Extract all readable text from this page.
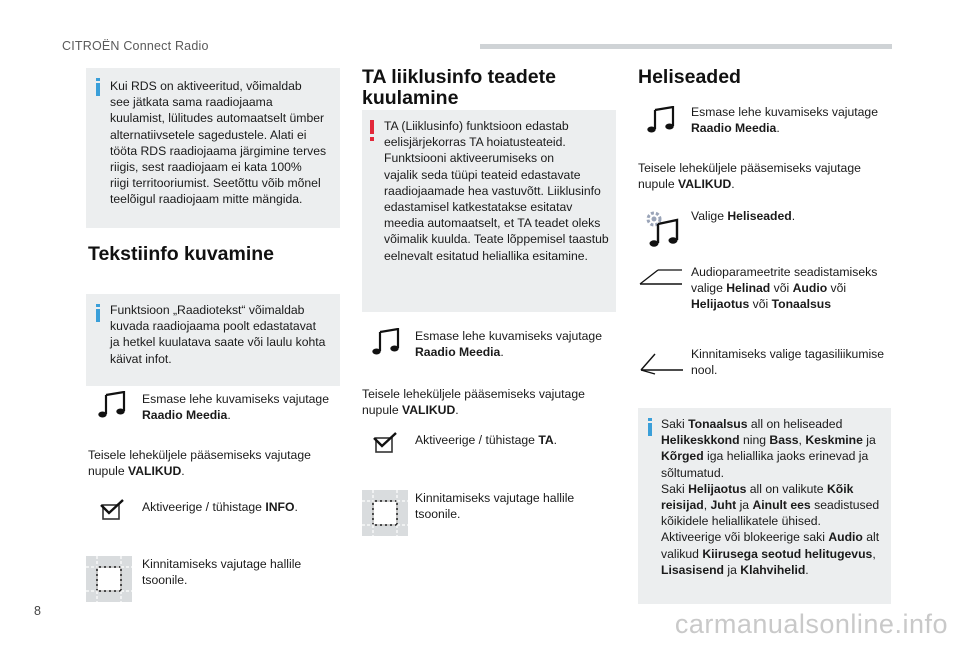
CITROËN Connect Radio
Kui RDS on aktiveeritud, võimaldab
see jätkata sama raadiojaama
kuulamist, lülitudes automaatselt ümber
alternatiivsetele sagedustele. Alati ei
tööta RDS raadiojaama järgimine terves
riigis, sest raadiojaam ei kata 100%
riigi territooriumist. Seetõttu võib mõnel
teelõigul raadiojaam mitte mängida.
Tekstiinfo kuvamine
Funktsioon „Raadiotekst“ võimaldab
kuvada raadiojaama poolt edastatavat
ja hetkel kuulatava saate või laulu kohta
käivat infot.
Esmase lehe kuvamiseks vajutage
Raadio Meedia.
Teisele leheküljele pääsemiseks vajutage
nupule VALIKUD.
Aktiveerige / tühistage INFO.
Kinnitamiseks vajutage hallile
tsoonile.
TA liiklusinfo teadete
kuulamine
TA (Liiklusinfo) funktsioon edastab
eelisjärjekorras TA hoiatusteateid.
Funktsiooni aktiveerumiseks on
vajalik seda tüüpi teateid edastavate
raadiojaamade hea vastuvõtt. Liiklusinfo
edastamisel katkestatakse esitatav
meedia automaatselt, et TA teadet oleks
võimalik kuulda. Teate lõppemisel taastub
eelnevalt esitatud heliallika esitamine.
Esmase lehe kuvamiseks vajutage
Raadio Meedia.
Teisele leheküljele pääsemiseks vajutage
nupule VALIKUD.
Aktiveerige / tühistage TA.
Kinnitamiseks vajutage hallile
tsoonile.
Heliseaded
Esmase lehe kuvamiseks vajutage
Raadio Meedia.
Teisele leheküljele pääsemiseks vajutage
nupule VALIKUD.
Valige Heliseaded.
Audioparameetrite seadistamiseks
valige Helinad või Audio või
Helijaotus või Tonaalsus
Kinnitamiseks valige tagasiliikumise
nool.
Saki Tonaalsus all on heliseaded
Helikeskkond ning Bass, Keskmine ja
Kõrged iga heliallika jaoks erinevad ja
sõltumatud.
Saki Helijaotus all on valikute Kõik
reisijad, Juht ja Ainult ees seadistused
kõikidele heliallikatele ühised.
Aktiveerige või blokeerige saki Audio alt
valikud Kiirusega seotud helitugevus,
Lisasisend ja Klahvihelid.
8	carmanualsonline.info
